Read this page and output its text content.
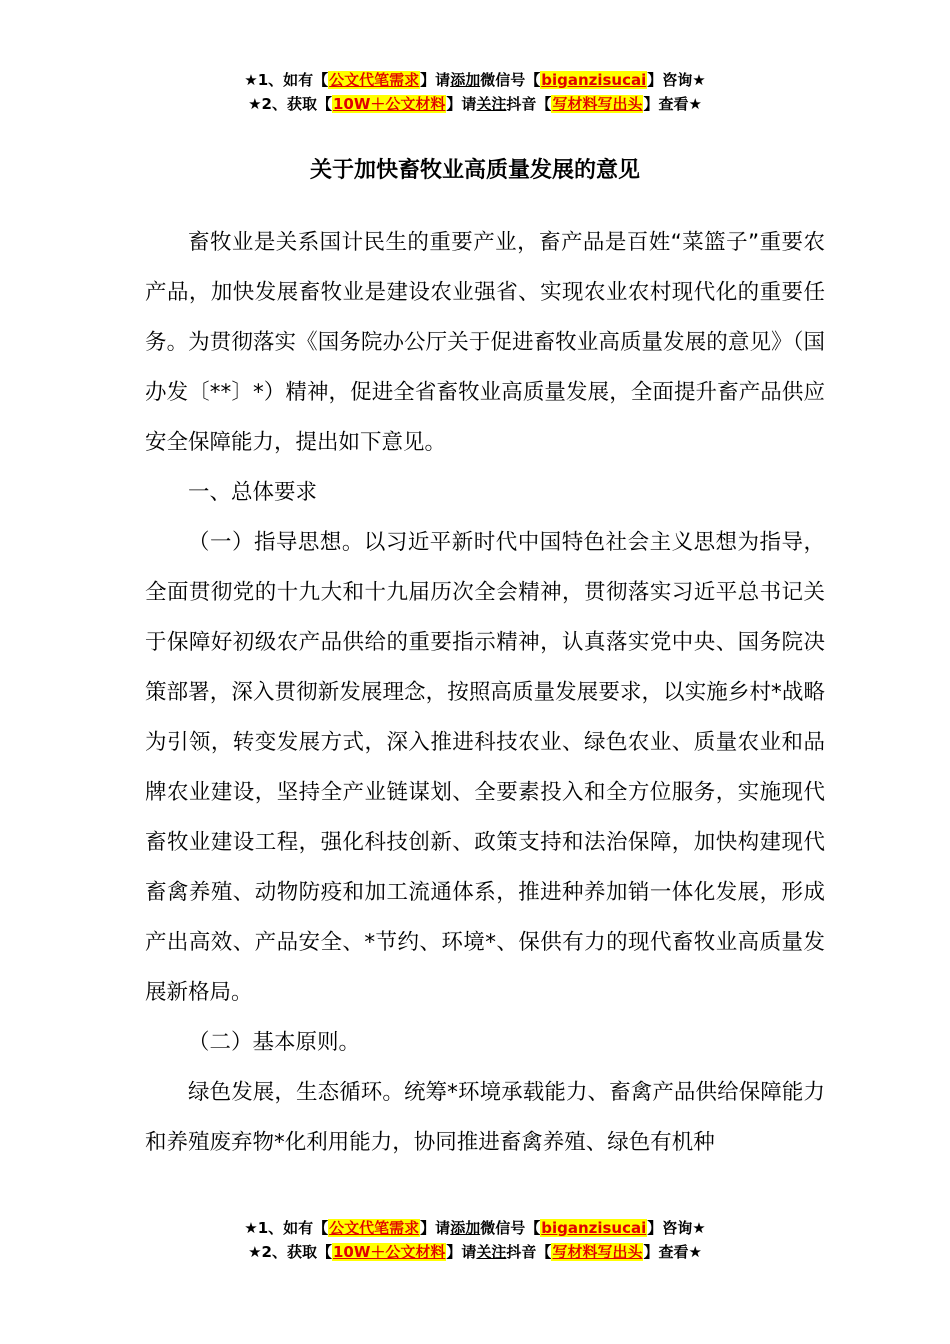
★1、如有【公文代笔需求】请添加微信号【biganzisucai】咨询★
★2、获取【10W＋公文材料】请关注抖音【写材料写出头】查看★
关于加快畜牧业高质量发展的意见

畜牧业是关系国计民生的重要产业，畜产品是百姓“菜篮子”重要农产品，加快发展畜牧业是建设农业强省、实现农业农村现代化的重要任务。为贯彻落实《国务院办公厅关于促进畜牧业高质量发展的意见》（国办发〔**〕*）精神，促进全省畜牧业高质量发展，全面提升畜产品供应安全保障能力，提出如下意见。

一、总体要求

（一）指导思想。以习近平新时代中国特色社会主义思想为指导，全面贯彻党的十九大和十九届历次全会精神，贯彻落实习近平总书记关于保障好初级农产品供给的重要指示精神，认真落实党中央、国务院决策部署，深入贯彻新发展理念，按照高质量发展要求，以实施乡村*战略为引领，转变发展方式，深入推进科技农业、绿色农业、质量农业和品牌农业建设，坚持全产业链谋划、全要素投入和全方位服务，实施现代畜牧业建设工程，强化科技创新、政策支持和法治保障，加快构建现代畜禽养殖、动物防疫和加工流通体系，推进种养加销一体化发展，形成产出高效、产品安全、*节约、环境*、保供有力的现代畜牧业高质量发展新格局。

（二）基本原则。

绿色发展，生态循环。统筹*环境承载能力、畜禽产品供给保障能力和养殖废弃物*化利用能力，协同推进畜禽养殖、绿色有机种

★1、如有【公文代笔需求】请添加微信号【biganzisucai】咨询★
★2、获取【10W＋公文材料】请关注抖音【写材料写出头】查看★
